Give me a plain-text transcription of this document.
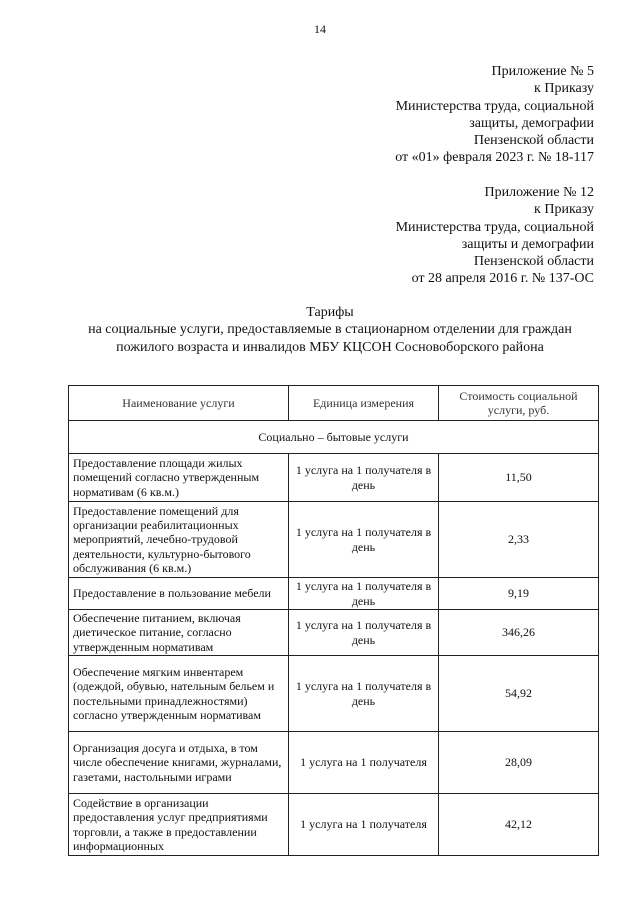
14
Приложение № 5
к Приказу
Министерства труда, социальной
защиты, демографии
Пензенской области
от «01» февраля 2023 г. № 18-117
Приложение № 12
к Приказу
Министерства труда, социальной
защиты и демографии
Пензенской области
от 28 апреля 2016 г. № 137-ОС
Тарифы
на социальные услуги, предоставляемые в стационарном отделении для граждан пожилого возраста и инвалидов МБУ КЦСОН Сосновоборского района
Наименование услуги	Единица измерения	Стоимость социальной услуги, руб.
Социально – бытовые услуги		
Предоставление площади жилых помещений согласно утвержденным нормативам (6 кв.м.)	1 услуга на 1 получателя в день	11,50
Предоставление помещений для организации реабилитационных мероприятий, лечебно-трудовой деятельности, культурно-бытового обслуживания (6 кв.м.)	1 услуга на 1 получателя в день	2,33
Предоставление в пользование мебели	1 услуга на 1 получателя в день	9,19
Обеспечение питанием, включая диетическое питание, согласно утвержденным нормативам	1 услуга на 1 получателя в день	346,26
Обеспечение мягким инвентарем (одеждой, обувью, нательным бельем и постельными принадлежностями) согласно утвержденным нормативам	1 услуга на 1 получателя в день	54,92
Организация досуга и отдыха, в том числе обеспечение книгами, журналами, газетами, настольными играми	1 услуга на 1 получателя	28,09
Содействие в организации предоставления услуг предприятиями торговли, а также в предоставлении информационных	1 услуга на 1 получателя	42,12
